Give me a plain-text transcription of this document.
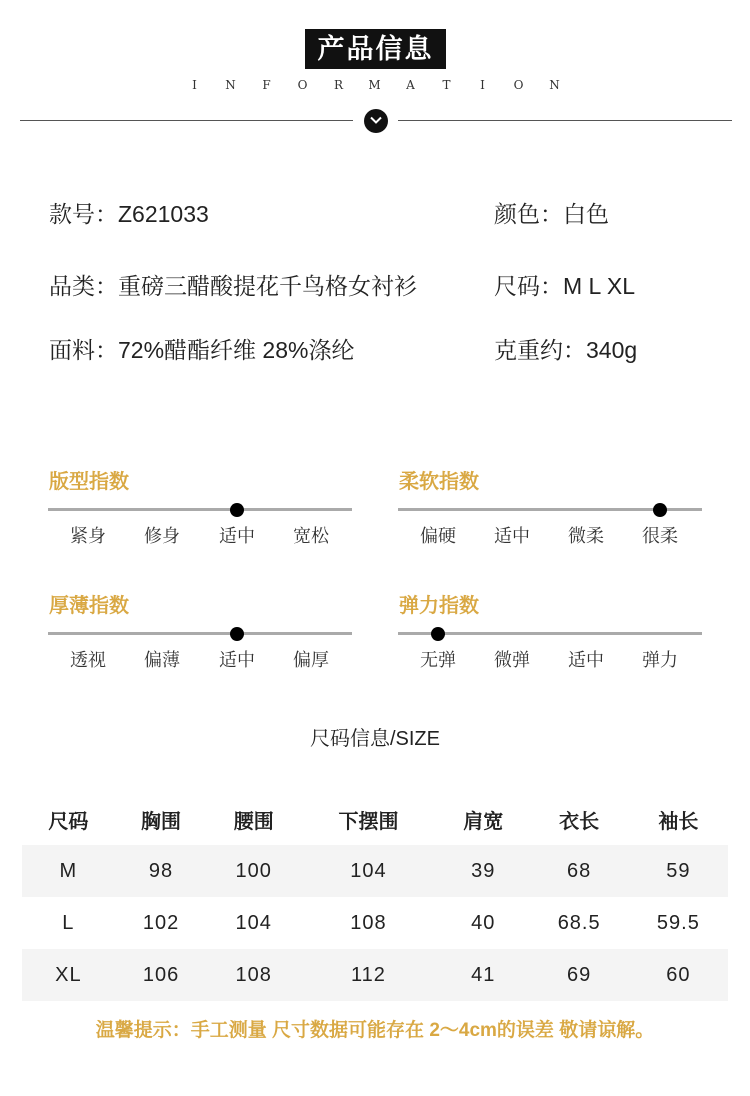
产品信息
I N F O R M A T I O N
款号：Z621033	颜色：白色
品类：重磅三醋酸提花千鸟格女衬衫	尺码：M L XL
面料：72%醋酯纤维 28%涤纶	克重约：340g
版型指数
紧身	修身	适中	宽松
柔软指数
偏硬	适中	微柔	很柔
厚薄指数
透视	偏薄	适中	偏厚
弹力指数
无弹	微弹	适中	弹力
尺码信息/SIZE
尺码	胸围	腰围	下摆围	肩宽	衣长	袖长
M	98	100	104	39	68	59
L	102	104	108	40	68.5	59.5
XL	106	108	112	41	69	60
温馨提示：手工测量 尺寸数据可能存在 2～4cm的误差 敬请谅解。
